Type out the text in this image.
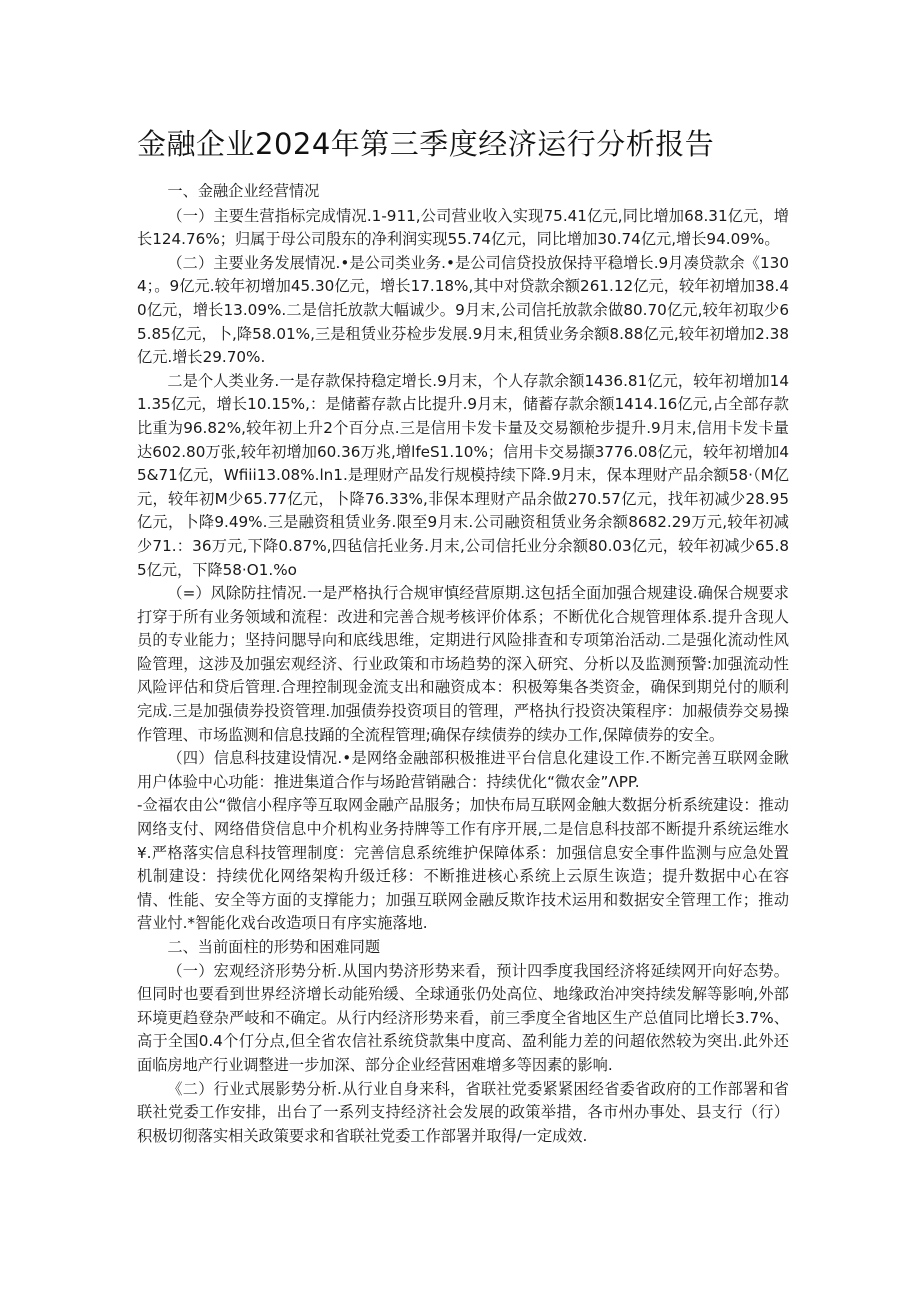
金融企业2024年第三季度经济运行分析报告

一、金融企业经营情况

（一）主要生营指标完成情况.1-911,公司营业收入实现75.41亿元,同比增加68.31亿元，增长124.76%；归属于母公司殷东的净利润实现55.74亿元，同比增加30.74亿元,增长94.09%。

（二）主要业务发展情况.•是公司类业务.•是公司信贷投放保持平稳增长.9月凑贷款余《1304；。9亿元.较年初增加45.30亿元，增长17.18%,其中对贷款余额261.12亿元，较年初增加38.40亿元，增长13.09%.二是信托放款大幅诚少。9月末,公司信托放款余做80.70亿元,较年初取少65.85亿元，卜,降58.01%,三是租赁业芬检步发展.9月末,租赁业务余额8.88亿元,较年初增加2.38亿元.增长29.70%.

二是个人类业务.一是存款保持稳定增长.9月末，个人存款余额1436.81亿元，较年初增加141.35亿元，增长10.15%,：是储蓄存款占比提升.9月末，储蓄存款余额1414.16亿元,占全部存款比重为96.82%,较年初上升2个百分点.三是信用卡发卡量及交易额枪步提升.9月末,信用卡发卡量达602.80万张,较年初增加60.36万兆,增lfeS1.10%；信用卡交易撷3776.08亿元，较年初增加45&71亿元，Wfiii13.08%.ln1.是理财产品发行规模持续下降.9月末，保本理财产品余额58·（M亿元，较年初M少65.77亿元，卜降76.33%,非保本理财产品余做270.57亿元，找年初减少28.95亿元，卜降9.49%.三是融资租赁业务.限至9月末.公司融资租赁业务余额8682.29万元,较年初减少71.：36万元,下降0.87%,四毡信托业务.月末,公司信托业分余额80.03亿元，较年初减少65.85亿元，下降58·O1.%o

（=）风除防拄情况.一是严格执行合规审慎经营原期.这包括全面加强合规建设.确保合规要求打穿于所有业务领域和流程：改进和完善合规考核评价体系；不断优化合规管理体系.提升含现人员的专业能力；坚持问腮导向和底线思维，定期进行风险排査和专项第治活动.二是强化流动性风险管理，这涉及加强宏观经济、行业政策和市场趋势的深入研究、分析以及监测预警:加强流动性风险评估和贷后管理.合理控制现金流支出和融资成本：积极筹集各类资金，确保到期兑付的顺利完成.三是加强债券投资管理.加强债券投资项目的管理，严格执行投资决策程序：加赧债券交易操作管理、市场监测和信息技踊的全流程管理;确保存续债券的续办工作,保障债券的安全。

（四）信息科技建设情况.•是网络金融部积极推进平台信息化建设工作.不断完善互联网金瞅用户体验中心功能：推进集道合作与场跄营销融合：持续优化“微农金”ΛPP.

-佥福农由公“微信小程序等互取网金融产品服务；加快布局互联网金触大数据分析系统建设：推动网络支付、网络借贷信息中介机构业务持牌等工作有序开展,二是信息科技部不断提升系统运维水¥.严格落实信息科技管理制度：完善信息系统维护保障体系：加强信息安全事件监测与应急处置机制建设：持续优化网络架构升级迁移：不断推进核心系统上云原生诙造；提升数据中心在容情、性能、安全等方面的支撑能力；加强互联网金融反欺诈技术运用和数据安全管理工作；推动营业忖.*智能化戏台改造项日有序实施落地.

二、当前面柱的形势和困难同题

（一）宏观经济形势分析.从国内势济形势来看，预计四季度我国经济将延续网开向好态势。但同时也要看到世界经济增长动能殆缓、全球通张仍处高位、地缘政治冲突持续发解等影响,外部环境更趋登杂严岐和不确定。从行内经济形势来看，前三季度全省地区生产总值同比增长3.7%、高于全国0.4个仃分点,但全省农信社系统贷款集中度高、盈利能力差的问超依然较为突出.此外还面临房地产行业调整进一步加深、部分企业经营困难增多等因素的影响.

《二）行业式展影势分析.从行业自身来科，省联社党委紧紧困经省委省政府的工作部署和省联社党委工作安排，出台了一系列支持经济社会发展的政策举措，各市州办事处、县支行（行）积极切彻落实相关政策要求和省联社党委工作部署并取得/一定成效.
